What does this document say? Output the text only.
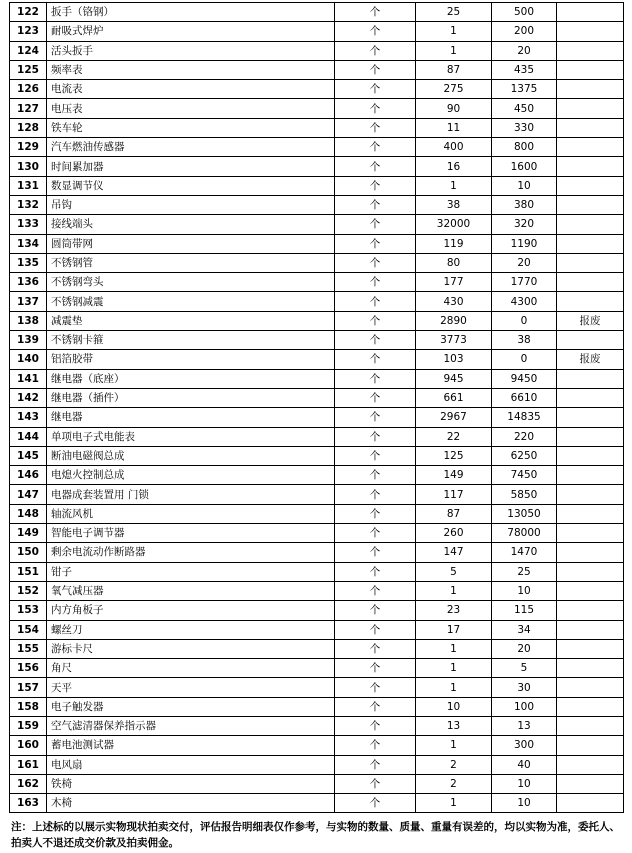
122	扳手（铬钢）	个	25	500	
123	耐吸式焊炉	个	1	200	
124	活头扳手	个	1	20	
125	频率表	个	87	435	
126	电流表	个	275	1375	
127	电压表	个	90	450	
128	铁车轮	个	11	330	
129	汽车燃油传感器	个	400	800	
130	时间累加器	个	16	1600	
131	数显调节仪	个	1	10	
132	吊钩	个	38	380	
133	接线端头	个	32000	320	
134	圆筒带网	个	119	1190	
135	不锈钢管	个	80	20	
136	不锈钢弯头	个	177	1770	
137	不锈钢减震	个	430	4300	
138	减震垫	个	2890	0	报废
139	不锈钢卡箍	个	3773	38	
140	铝箔胶带	个	103	0	报废
141	继电器（底座）	个	945	9450	
142	继电器（插件）	个	661	6610	
143	继电器	个	2967	14835	
144	单项电子式电能表	个	22	220	
145	断油电磁阀总成	个	125	6250	
146	电熄火控制总成	个	149	7450	
147	电器成套装置用 门锁	个	117	5850	
148	轴流风机	个	87	13050	
149	智能电子调节器	个	260	78000	
150	剩余电流动作断路器	个	147	1470	
151	钳子	个	5	25	
152	氧气减压器	个	1	10	
153	内方角板子	个	23	115	
154	螺丝刀	个	17	34	
155	游标卡尺	个	1	20	
156	角尺	个	1	5	
157	天平	个	1	30	
158	电子触发器	个	10	100	
159	空气滤清器保养指示器	个	13	13	
160	蓄电池测试器	个	1	300	
161	电风扇	个	2	40	
162	铁椅	个	2	10	
163	木椅	个	1	10	
注：上述标的以展示实物现状拍卖交付，评估报告明细表仅作参考，与实物的数量、质量、重量有误差的，均以实物为准，委托人、拍卖人不退还成交价款及拍卖佣金。
